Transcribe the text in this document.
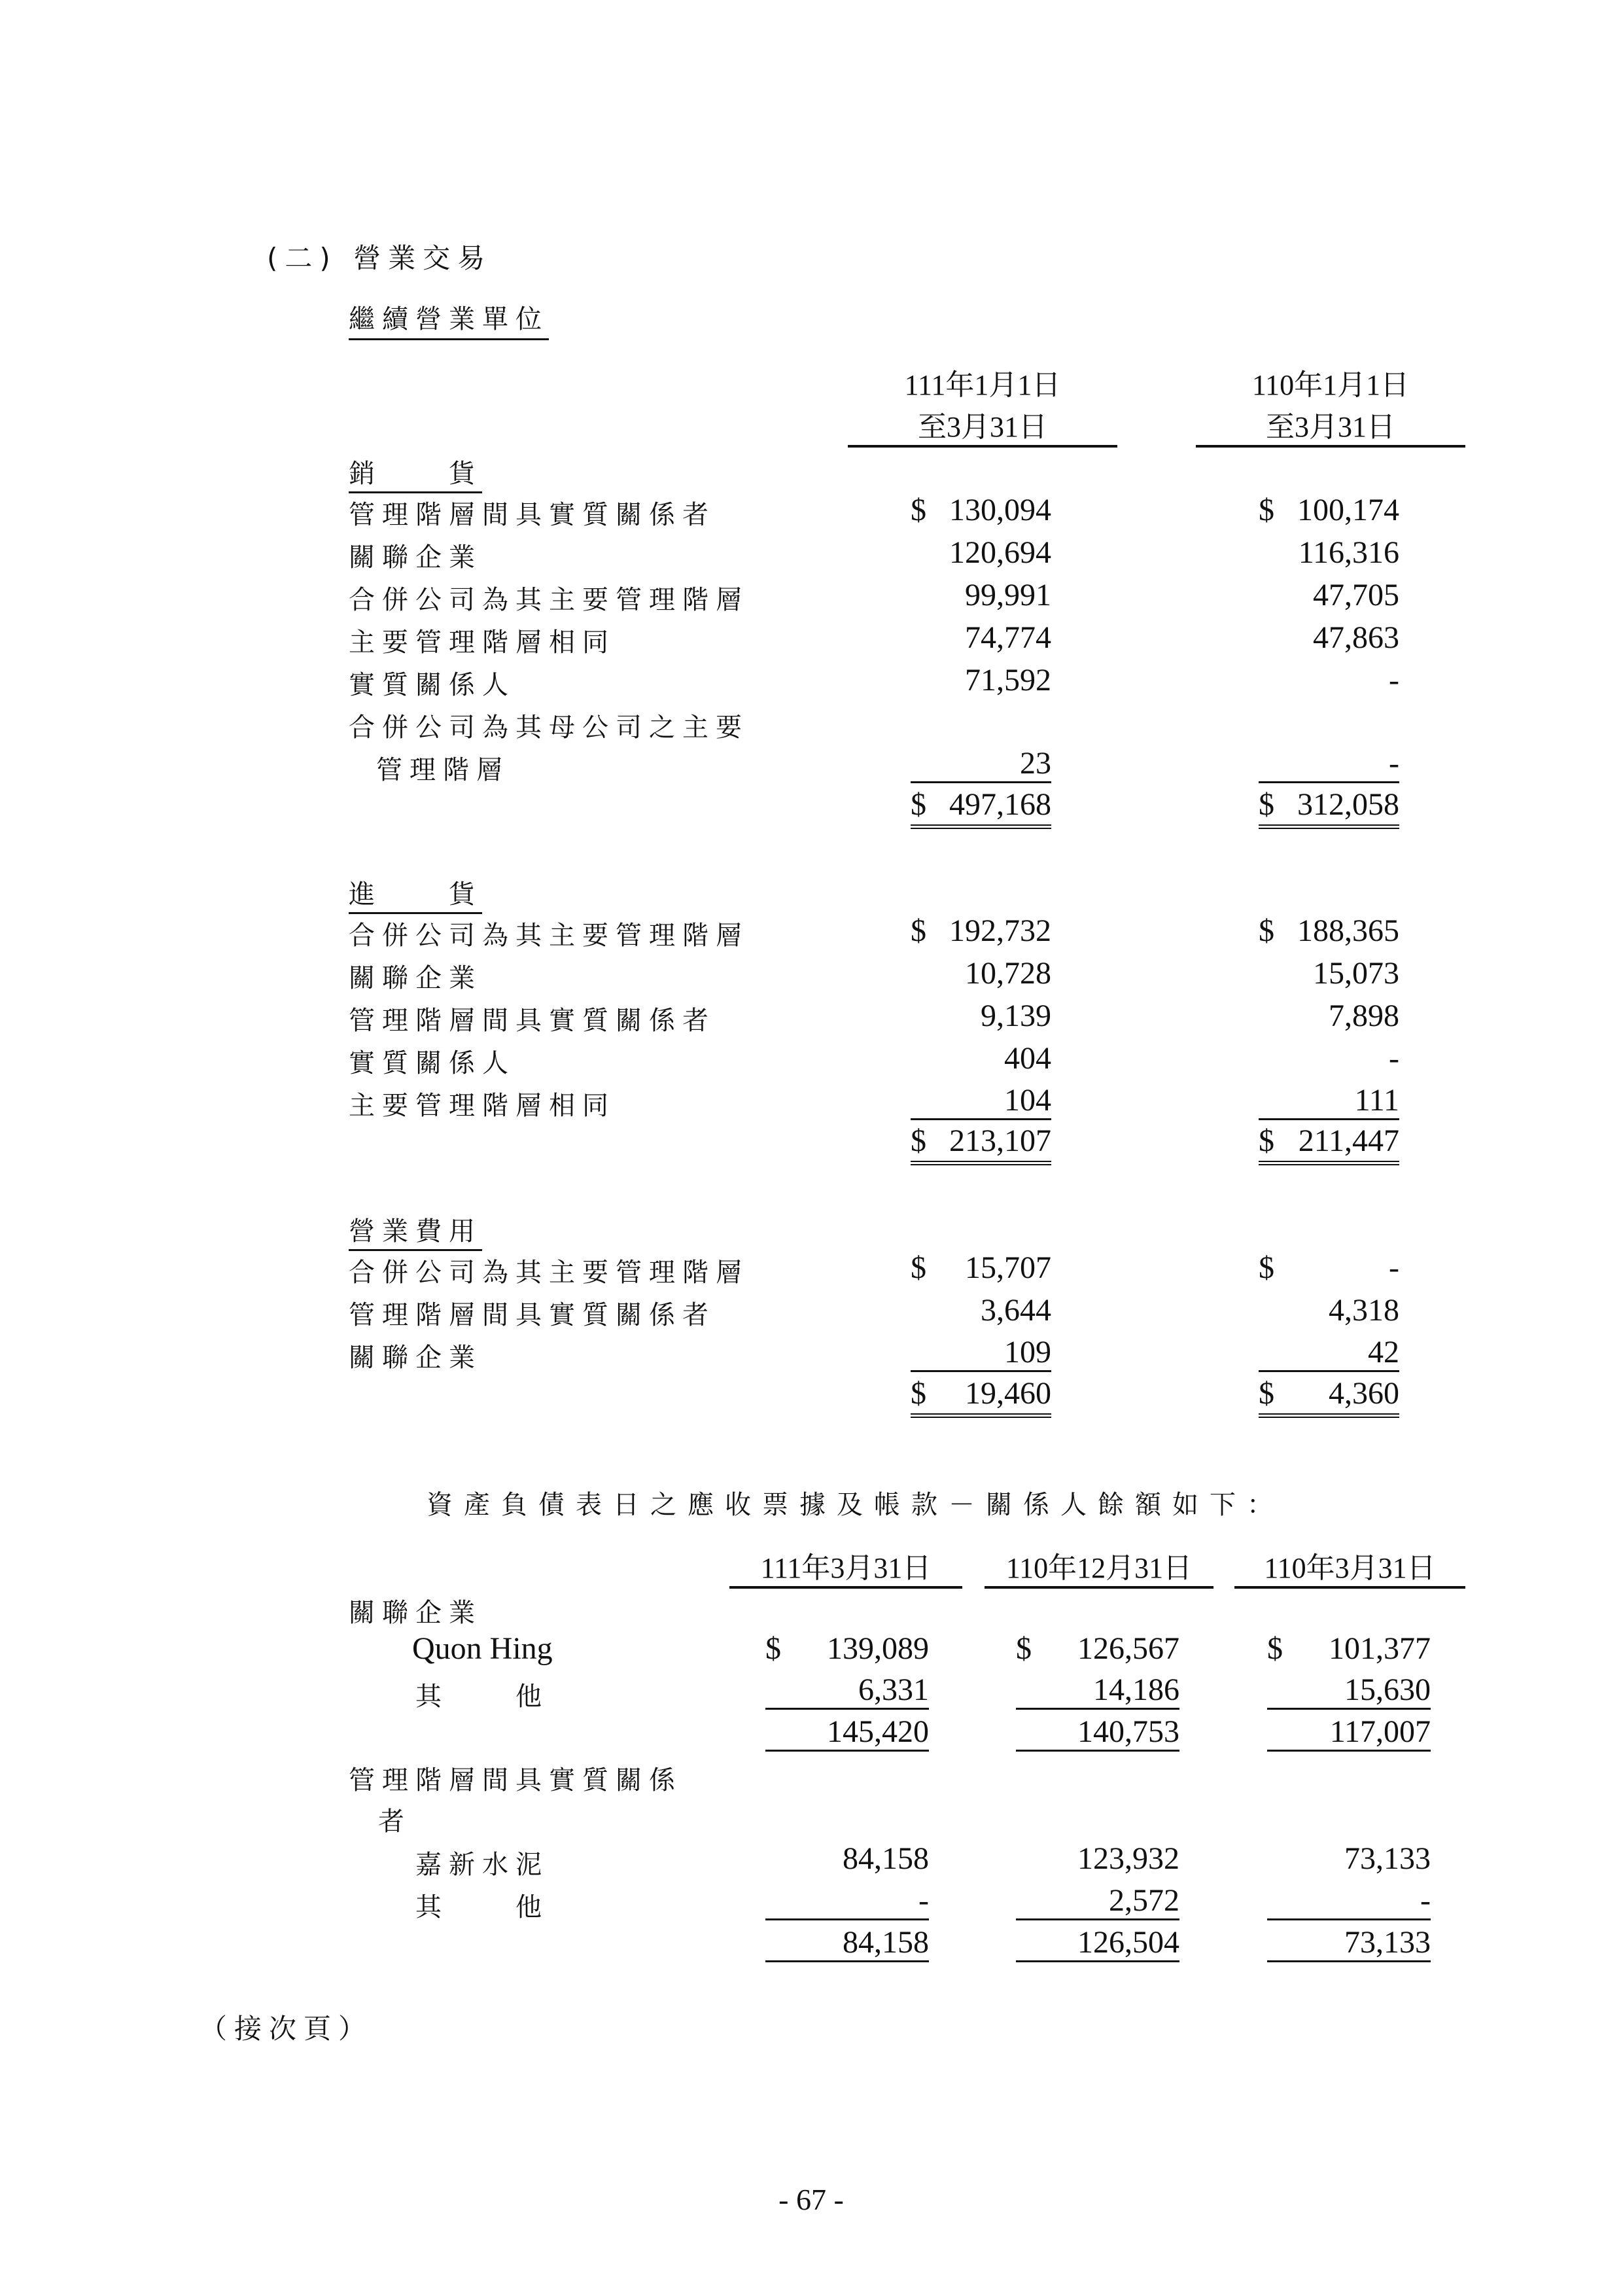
(二) 營業交易
繼續營業單位
111年1月1日
至3月31日
110年1月1日
至3月31日
銷　　貨
管理階層間具實質關係者	$ 130,094	$ 100,174
關聯企業	120,694	116,316
合併公司為其主要管理階層	99,991	47,705
主要管理階層相同	74,774	47,863
實質關係人	71,592	-
合併公司為其母公司之主要
管理階層	23	-
$ 497,168	$ 312,058
進　　貨
合併公司為其主要管理階層	$ 192,732	$ 188,365
關聯企業	10,728	15,073
管理階層間具實質關係者	9,139	7,898
實質關係人	404	-
主要管理階層相同	104	111
$ 213,107	$ 211,447
營業費用
合併公司為其主要管理階層	$ 15,707	$	-
管理階層間具實質關係者	3,644	4,318
關聯企業	109	42
$ 19,460	$ 4,360
資產負債表日之應收票據及帳款－關係人餘額如下：
111年3月31日	110年12月31日	110年3月31日
關聯企業
Quon Hing	$ 139,089	$ 126,567	$ 101,377
其　　他	6,331	14,186	15,630
145,420	140,753	117,007
管理階層間具實質關係
者
嘉新水泥	84,158	123,932	73,133
其　　他	-	2,572	-
84,158	126,504	73,133
（接次頁）
- 67 -
